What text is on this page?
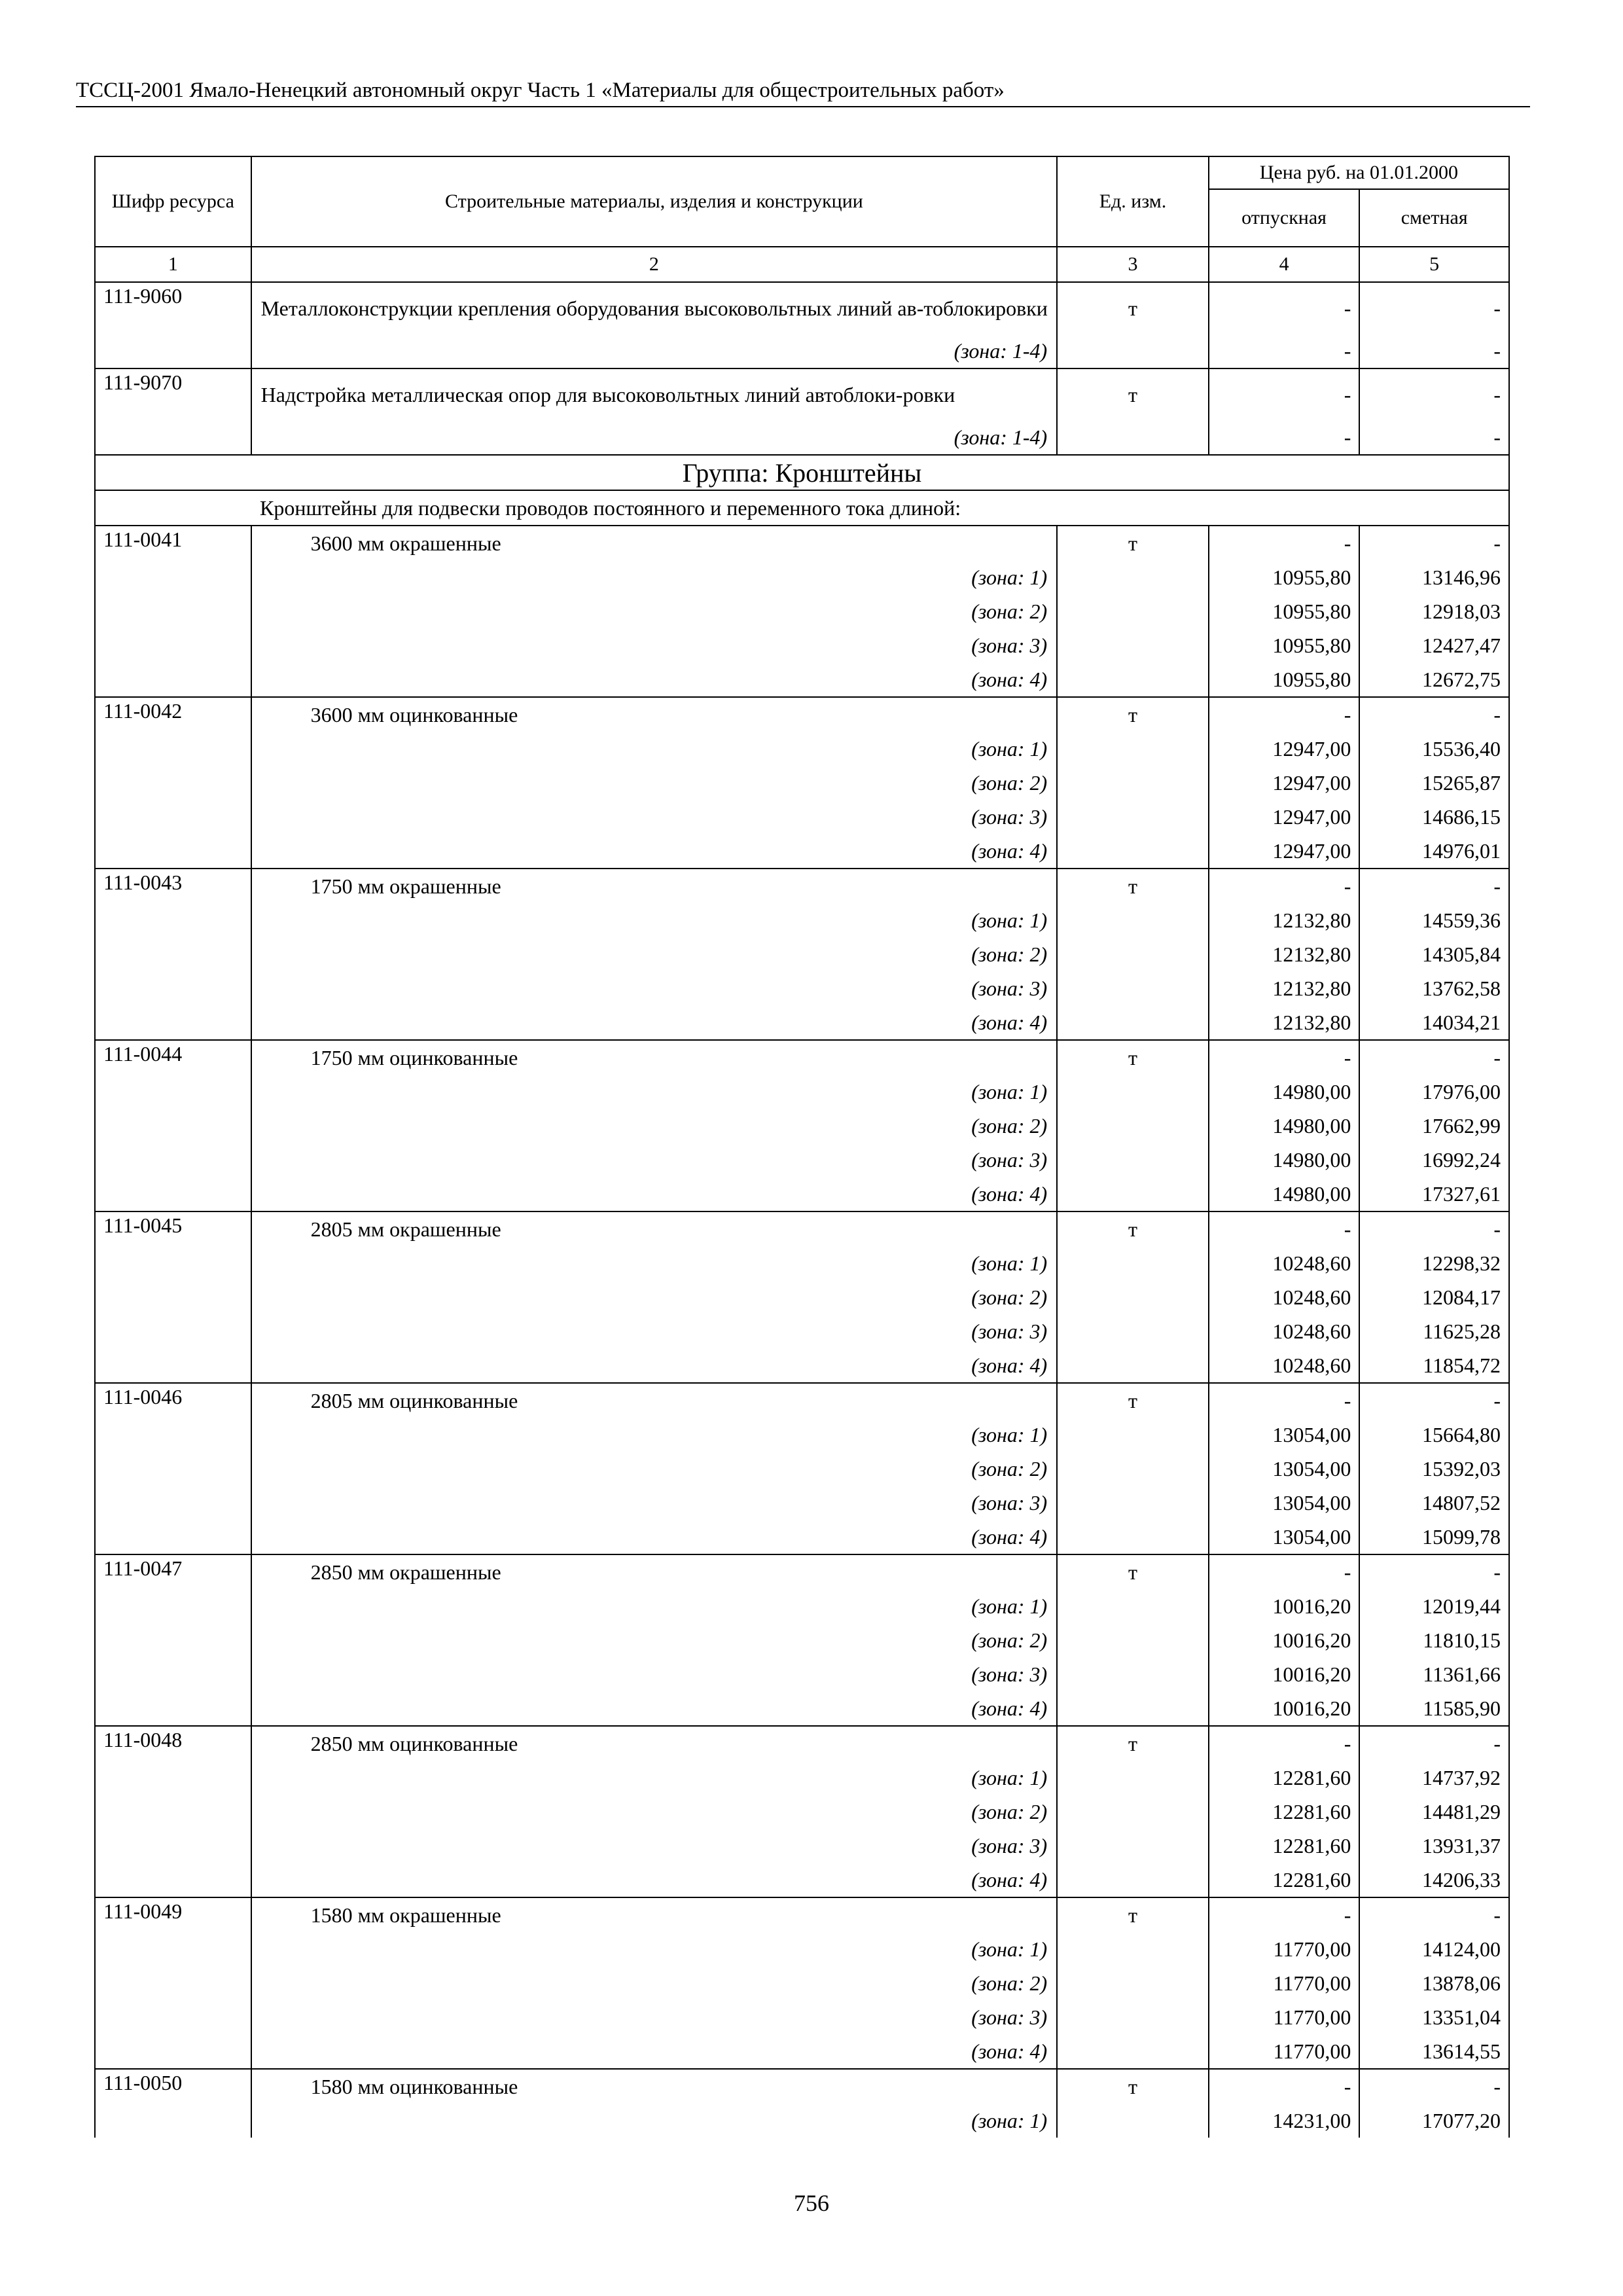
ТССЦ-2001 Ямало-Ненецкий автономный округ Часть 1 «Материалы для общестроительных работ»
Шифр ресурса	Строительные материалы, изделия и конструкции	Ед. изм.	Цена руб. на 01.01.2000	
			отпускная	сметная
1	2	3	4	5
111-9060	Металлоконструкции крепления оборудования высоковольтных линий ав-тоблокировки	т	-	-
	(зона: 1-4)		-	-
111-9070	Надстройка металлическая опор для высоковольтных линий автоблоки-ровки	т	-	-
	(зона: 1-4)		-	-
Группа: Кронштейны				
Кронштейны для подвески проводов постоянного и переменного тока длиной:				
111-0041	3600 мм окрашенные	т	-	-
	(зона: 1)		10955,80	13146,96
	(зона: 2)		10955,80	12918,03
	(зона: 3)		10955,80	12427,47
	(зона: 4)		10955,80	12672,75
111-0042	3600 мм оцинкованные	т	-	-
	(зона: 1)		12947,00	15536,40
	(зона: 2)		12947,00	15265,87
	(зона: 3)		12947,00	14686,15
	(зона: 4)		12947,00	14976,01
111-0043	1750 мм окрашенные	т	-	-
	(зона: 1)		12132,80	14559,36
	(зона: 2)		12132,80	14305,84
	(зона: 3)		12132,80	13762,58
	(зона: 4)		12132,80	14034,21
111-0044	1750 мм оцинкованные	т	-	-
	(зона: 1)		14980,00	17976,00
	(зона: 2)		14980,00	17662,99
	(зона: 3)		14980,00	16992,24
	(зона: 4)		14980,00	17327,61
111-0045	2805 мм окрашенные	т	-	-
	(зона: 1)		10248,60	12298,32
	(зона: 2)		10248,60	12084,17
	(зона: 3)		10248,60	11625,28
	(зона: 4)		10248,60	11854,72
111-0046	2805 мм оцинкованные	т	-	-
	(зона: 1)		13054,00	15664,80
	(зона: 2)		13054,00	15392,03
	(зона: 3)		13054,00	14807,52
	(зона: 4)		13054,00	15099,78
111-0047	2850 мм окрашенные	т	-	-
	(зона: 1)		10016,20	12019,44
	(зона: 2)		10016,20	11810,15
	(зона: 3)		10016,20	11361,66
	(зона: 4)		10016,20	11585,90
111-0048	2850 мм оцинкованные	т	-	-
	(зона: 1)		12281,60	14737,92
	(зона: 2)		12281,60	14481,29
	(зона: 3)		12281,60	13931,37
	(зона: 4)		12281,60	14206,33
111-0049	1580 мм окрашенные	т	-	-
	(зона: 1)		11770,00	14124,00
	(зона: 2)		11770,00	13878,06
	(зона: 3)		11770,00	13351,04
	(зона: 4)		11770,00	13614,55
111-0050	1580 мм оцинкованные	т	-	-
	(зона: 1)		14231,00	17077,20
756
